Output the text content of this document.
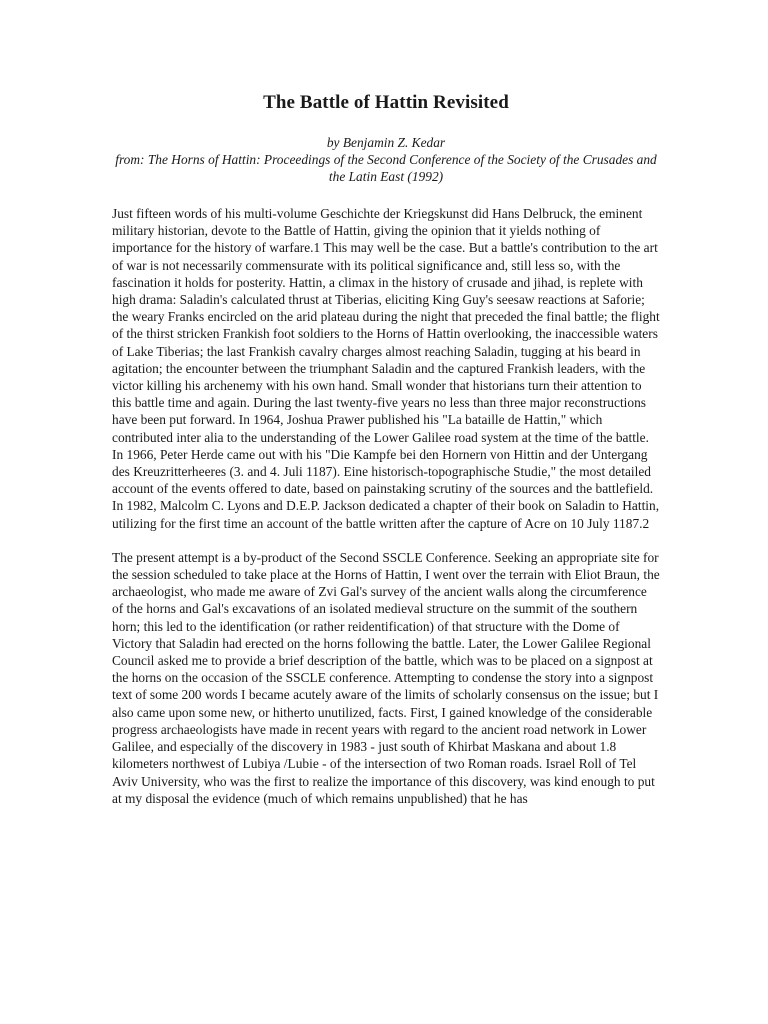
The Battle of Hattin Revisited
by Benjamin Z. Kedar
from: The Horns of Hattin: Proceedings of the Second Conference of the Society of the Crusades and the Latin East (1992)

Just fifteen words of his multi-volume Geschichte der Kriegskunst did Hans Delbruck, the eminent military historian, devote to the Battle of Hattin, giving the opinion that it yields nothing of importance for the history of warfare.1 This may well be the case. But a battle's contribution to the art of war is not necessarily commensurate with its political significance and, still less so, with the fascination it holds for posterity. Hattin, a climax in the history of crusade and jihad, is replete with high drama: Saladin's calculated thrust at Tiberias, eliciting King Guy's seesaw reactions at Saforie; the weary Franks encircled on the arid plateau during the night that preceded the final battle; the flight of the thirst stricken Frankish foot soldiers to the Horns of Hattin overlooking, the inaccessible waters of Lake Tiberias; the last Frankish cavalry charges almost reaching Saladin, tugging at his beard in agitation; the encounter between the triumphant Saladin and the captured Frankish leaders, with the victor killing his archenemy with his own hand. Small wonder that historians turn their attention to this battle time and again. During the last twenty-five years no less than three major reconstructions have been put forward. In 1964, Joshua Prawer published his "La bataille de Hattin," which contributed inter alia to the understanding of the Lower Galilee road system at the time of the battle. In 1966, Peter Herde came out with his "Die Kampfe bei den Hornern von Hittin and der Untergang des Kreuzritterheeres (3. and 4. Juli 1187). Eine historisch-topographische Studie," the most detailed account of the events offered to date, based on painstaking scrutiny of the sources and the battlefield. In 1982, Malcolm C. Lyons and D.E.P. Jackson dedicated a chapter of their book on Saladin to Hattin, utilizing for the first time an account of the battle written after the capture of Acre on 10 July 1187.2

The present attempt is a by-product of the Second SSCLE Conference. Seeking an appropriate site for the session scheduled to take place at the Horns of Hattin, I went over the terrain with Eliot Braun, the archaeologist, who made me aware of Zvi Gal's survey of the ancient walls along the circumference of the horns and Gal's excavations of an isolated medieval structure on the summit of the southern horn; this led to the identification (or rather reidentification) of that structure with the Dome of Victory that Saladin had erected on the horns following the battle. Later, the Lower Galilee Regional Council asked me to provide a brief description of the battle, which was to be placed on a signpost at the horns on the occasion of the SSCLE conference. Attempting to condense the story into a signpost text of some 200 words I became acutely aware of the limits of scholarly consensus on the issue; but I also came upon some new, or hitherto unutilized, facts. First, I gained knowledge of the considerable progress archaeologists have made in recent years with regard to the ancient road network in Lower Galilee, and especially of the discovery in 1983 - just south of Khirbat Maskana and about 1.8 kilometers northwest of Lubiya /Lubie - of the intersection of two Roman roads. Israel Roll of Tel Aviv University, who was the first to realize the importance of this discovery, was kind enough to put at my disposal the evidence (much of which remains unpublished) that he has
